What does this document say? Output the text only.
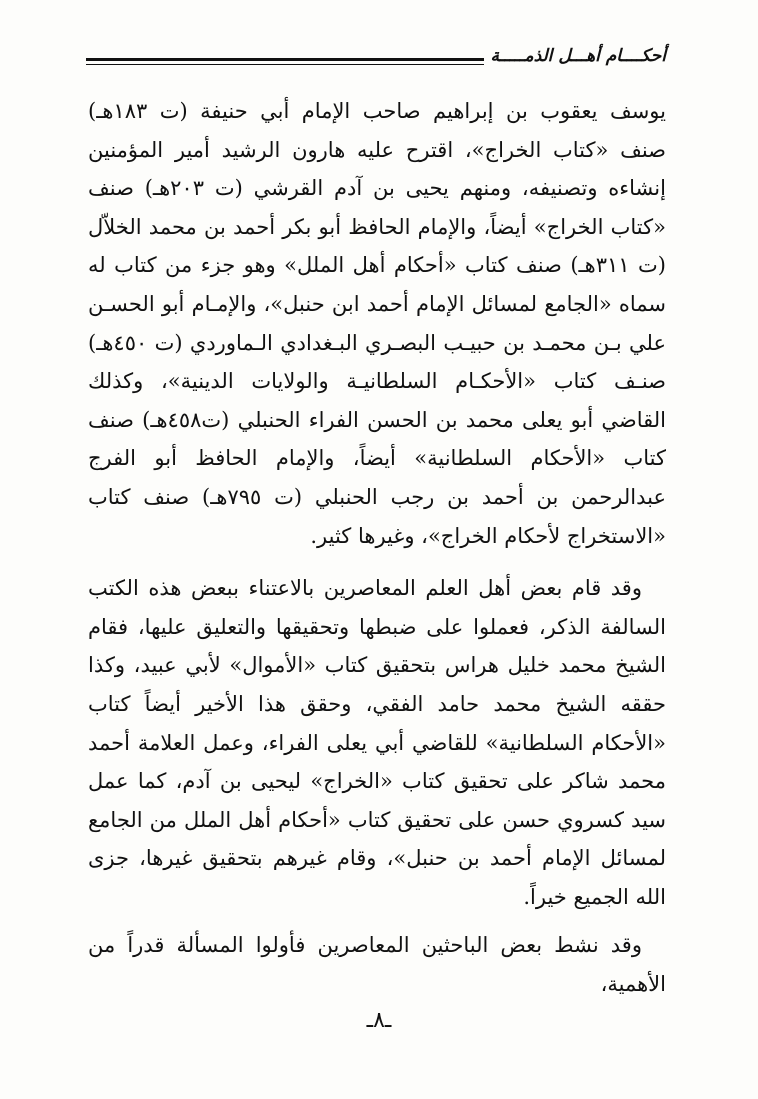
أحكــــام أهـــل الذمـــــة

يوسف يعقوب بن إبراهيم صاحب الإمام أبي حنيفة (ت ١٨٣هـ) صنف «كتاب الخراج»، اقترح عليه هارون الرشيد أمير المؤمنين إنشاءه وتصنيفه، ومنهم يحيى بن آدم القرشي (ت ٢٠٣هـ) صنف «كتاب الخراج» أيضاً، والإمام الحافظ أبو بكر أحمد بن محمد الخلاّل (ت ٣١١هـ) صنف كتاب «أحكام أهل الملل» وهو جزء من كتاب له سماه «الجامع لمسائل الإمام أحمد ابن حنبل»، والإمـام أبو الحسـن علي بـن محمـد بن حبيـب البصـري البـغدادي الـماوردي (ت ٤٥٠هـ) صنـف كتاب «الأحكـام السلطانيـة والولايات الدينية»، وكذلك القاضي أبو يعلى محمد بن الحسن الفراء الحنبلي (ت٤٥٨هـ) صنف كتاب «الأحكام السلطانية» أيضاً، والإمام الحافظ أبو الفرج عبدالرحمن بن أحمد بن رجب الحنبلي (ت ٧٩٥هـ) صنف كتاب «الاستخراج لأحكام الخراج»، وغيرها كثير.

وقد قام بعض أهل العلم المعاصرين بالاعتناء ببعض هذه الكتب السالفة الذكر، فعملوا على ضبطها وتحقيقها والتعليق عليها، فقام الشيخ محمد خليل هراس بتحقيق كتاب «الأموال» لأبي عبيد، وكذا حققه الشيخ محمد حامد الفقي، وحقق هذا الأخير أيضاً كتاب «الأحكام السلطانية» للقاضي أبي يعلى الفراء، وعمل العلامة أحمد محمد شاكر على تحقيق كتاب «الخراج» ليحيى بن آدم، كما عمل سيد كسروي حسن على تحقيق كتاب «أحكام أهل الملل من الجامع لمسائل الإمام أحمد بن حنبل»، وقام غيرهم بتحقيق غيرها، جزى الله الجميع خيراً.

وقد نشط بعض الباحثين المعاصرين فأولوا المسألة قدراً من الأهمية،

ـ٨ـ
